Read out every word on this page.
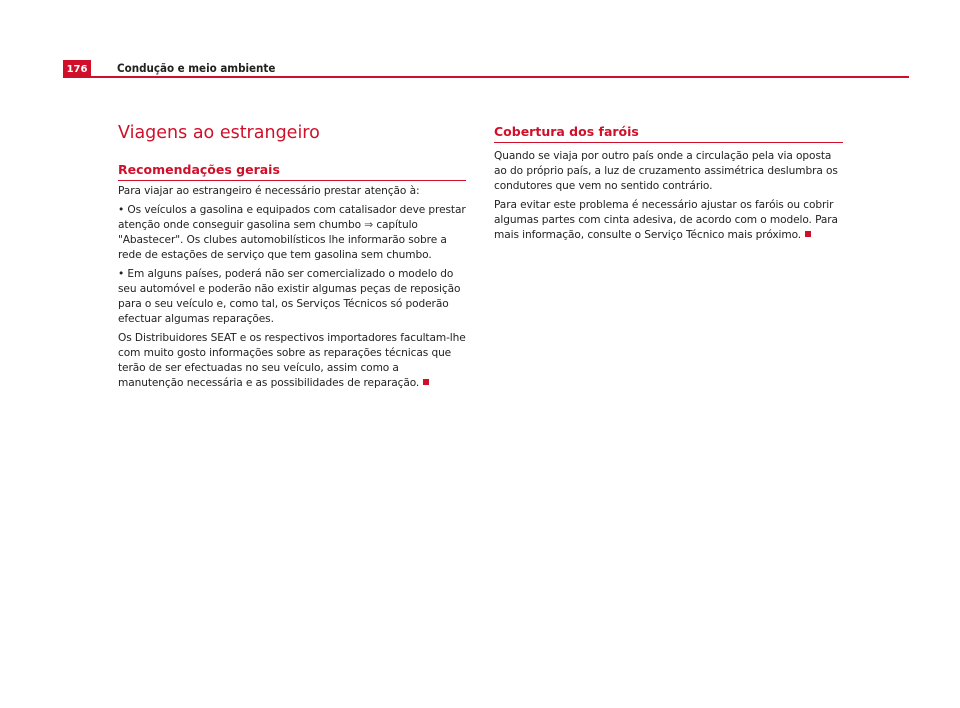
176	Condução e meio ambiente
Viagens ao estrangeiro
Recomendações gerais

Para viajar ao estrangeiro é necessário prestar atenção à:

• Os veículos a gasolina e equipados com catalisador deve prestar atenção onde conseguir gasolina sem chumbo ⇒ capítulo "Abastecer". Os clubes automobilísticos lhe informarão sobre a rede de estações de serviço que tem gasolina sem chumbo.

• Em alguns países, poderá não ser comercializado o modelo do seu automóvel e poderão não existir algumas peças de reposição para o seu veículo e, como tal, os Serviços Técnicos só poderão efectuar algumas reparações.

Os Distribuidores SEAT e os respectivos importadores facultam-lhe com muito gosto informações sobre as reparações técnicas que terão de ser efectuadas no seu veículo, assim como a manutenção necessária e as possibilidades de reparação.

Cobertura dos faróis

Quando se viaja por outro país onde a circulação pela via oposta ao do próprio país, a luz de cruzamento assimétrica deslumbra os condutores que vem no sentido contrário.

Para evitar este problema é necessário ajustar os faróis ou cobrir algumas partes com cinta adesiva, de acordo com o modelo. Para mais informação, consulte o Serviço Técnico mais próximo.
